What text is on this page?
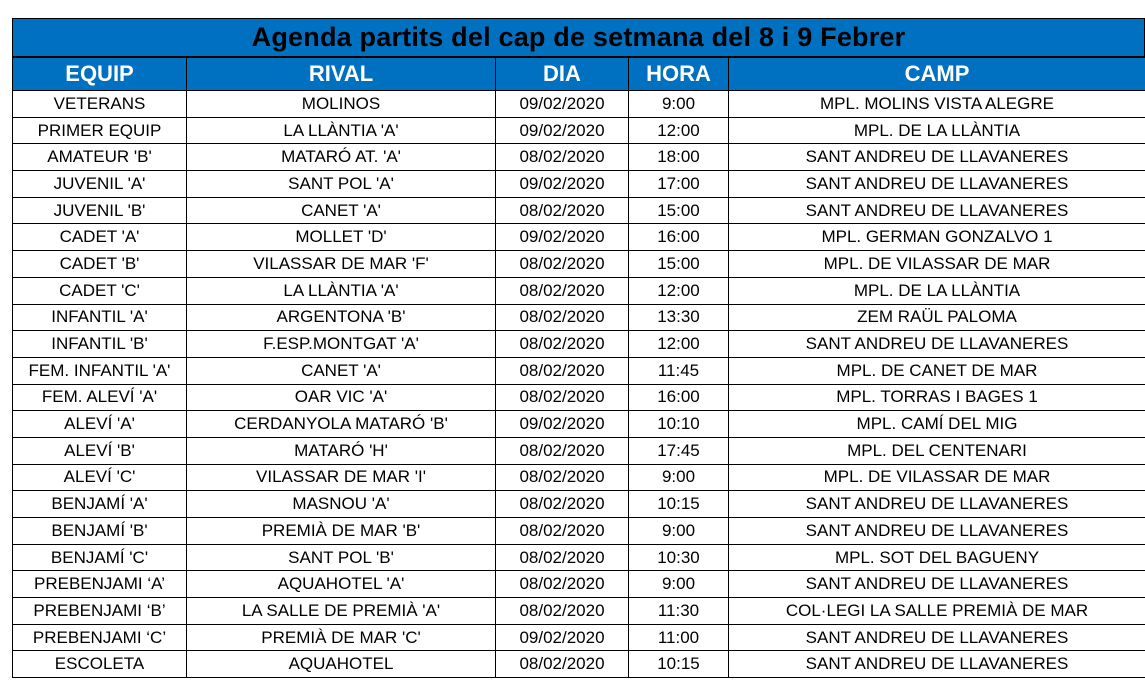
Agenda partits del cap de setmana del 8 i 9 Febrer
EQUIP	RIVAL	DIA	HORA	CAMP
VETERANS	MOLINOS	09/02/2020	9:00	MPL. MOLINS VISTA ALEGRE
PRIMER EQUIP	LA LLÀNTIA 'A'	09/02/2020	12:00	MPL. DE LA LLÀNTIA
AMATEUR 'B'	MATARÓ AT. 'A'	08/02/2020	18:00	SANT ANDREU DE LLAVANERES
JUVENIL 'A'	SANT POL 'A'	09/02/2020	17:00	SANT ANDREU DE LLAVANERES
JUVENIL 'B'	CANET 'A'	08/02/2020	15:00	SANT ANDREU DE LLAVANERES
CADET 'A'	MOLLET 'D'	09/02/2020	16:00	MPL. GERMAN GONZALVO 1
CADET 'B'	VILASSAR DE MAR 'F'	08/02/2020	15:00	MPL. DE VILASSAR DE MAR
CADET 'C'	LA LLÀNTIA 'A'	08/02/2020	12:00	MPL. DE LA LLÀNTIA
INFANTIL 'A'	ARGENTONA 'B'	08/02/2020	13:30	ZEM RAÜL PALOMA
INFANTIL 'B'	F.ESP.MONTGAT 'A'	08/02/2020	12:00	SANT ANDREU DE LLAVANERES
FEM. INFANTIL 'A'	CANET 'A'	08/02/2020	11:45	MPL. DE CANET DE MAR
FEM. ALEVÍ 'A'	OAR VIC 'A'	08/02/2020	16:00	MPL. TORRAS I BAGES 1
ALEVÍ 'A'	CERDANYOLA MATARÓ 'B'	09/02/2020	10:10	MPL. CAMÍ DEL MIG
ALEVÍ 'B'	MATARÓ 'H'	08/02/2020	17:45	MPL. DEL CENTENARI
ALEVÍ 'C'	VILASSAR DE MAR 'I'	08/02/2020	9:00	MPL. DE VILASSAR DE MAR
BENJAMÍ 'A'	MASNOU 'A'	08/02/2020	10:15	SANT ANDREU DE LLAVANERES
BENJAMÍ 'B'	PREMIÀ DE MAR 'B'	08/02/2020	9:00	SANT ANDREU DE LLAVANERES
BENJAMÍ 'C'	SANT POL 'B'	08/02/2020	10:30	MPL. SOT DEL BAGUENY
PREBENJAMI ‘A’	AQUAHOTEL 'A'	08/02/2020	9:00	SANT ANDREU DE LLAVANERES
PREBENJAMI ‘B’	LA SALLE DE PREMIÀ 'A'	08/02/2020	11:30	COL·LEGI LA SALLE PREMIÀ DE MAR
PREBENJAMI ‘C’	PREMIÀ DE MAR 'C'	09/02/2020	11:00	SANT ANDREU DE LLAVANERES
ESCOLETA	AQUAHOTEL	08/02/2020	10:15	SANT ANDREU DE LLAVANERES
